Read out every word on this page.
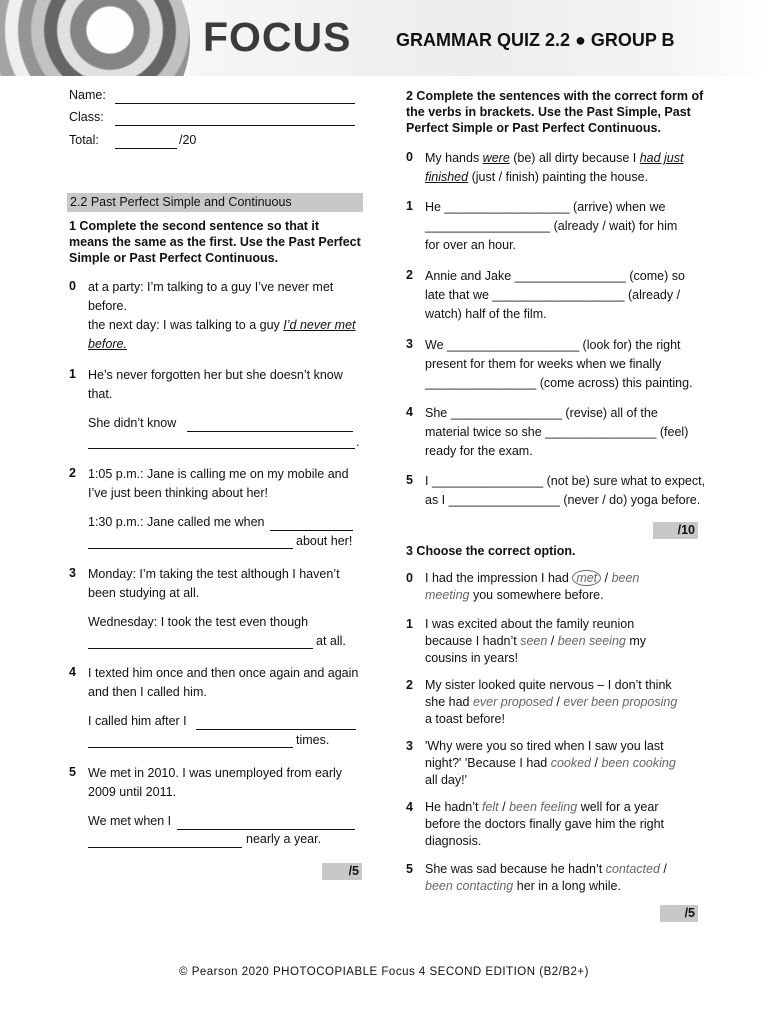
FOCUS GRAMMAR QUIZ 2.2 ● GROUP B
Name:
Class:
Total:	/20
2.2 Past Perfect Simple and Continuous
1 Complete the second sentence so that it means the same as the first. Use the Past Perfect Simple or Past Perfect Continuous.
0 at a party: I’m talking to a guy I’ve never met before.
the next day: I was talking to a guy I’d never met before.
1 He’s never forgotten her but she doesn’t know that.
She didn’t know
.
2 1:05 p.m.: Jane is calling me on my mobile and I’ve just been thinking about her!
1:30 p.m.: Jane called me when
about her!
3 Monday: I’m taking the test although I haven’t been studying at all.
Wednesday: I took the test even though
at all.
4 I texted him once and then once again and again and then I called him.
I called him after I
times.
5 We met in 2010. I was unemployed from early 2009 until 2011.
We met when I
nearly a year.
/5
2 Complete the sentences with the correct form of the verbs in brackets. Use the Past Simple, Past Perfect Simple or Past Perfect Continuous.
0 My hands were (be) all dirty because I had just
finished (just / finish) painting the house.
1 He __________________ (arrive) when we
__________________ (already / wait) for him
for over an hour.
2 Annie and Jake ________________ (come) so
late that we ___________________ (already /
watch) half of the film.
3 We ___________________ (look for) the right
present for them for weeks when we finally
________________ (come across) this painting.
4 She ________________ (revise) all of the
material twice so she ________________ (feel)
ready for the exam.
5 I ________________ (not be) sure what to expect,
as I ________________ (never / do) yoga before.
/10
3 Choose the correct option.
0 I had the impression I had met / been
meeting you somewhere before.
1 I was excited about the family reunion
because I hadn’t seen / been seeing my
cousins in years!
2 My sister looked quite nervous – I don’t think
she had ever proposed / ever been proposing
a toast before!
3 'Why were you so tired when I saw you last
night?' 'Because I had cooked / been cooking
all day!'
4 He hadn’t felt / been feeling well for a year
before the doctors finally gave him the right
diagnosis.
5 She was sad because he hadn’t contacted /
been contacting her in a long while.
/5
© Pearson 2020 PHOTOCOPIABLE Focus 4 SECOND EDITION (B2/B2+)
